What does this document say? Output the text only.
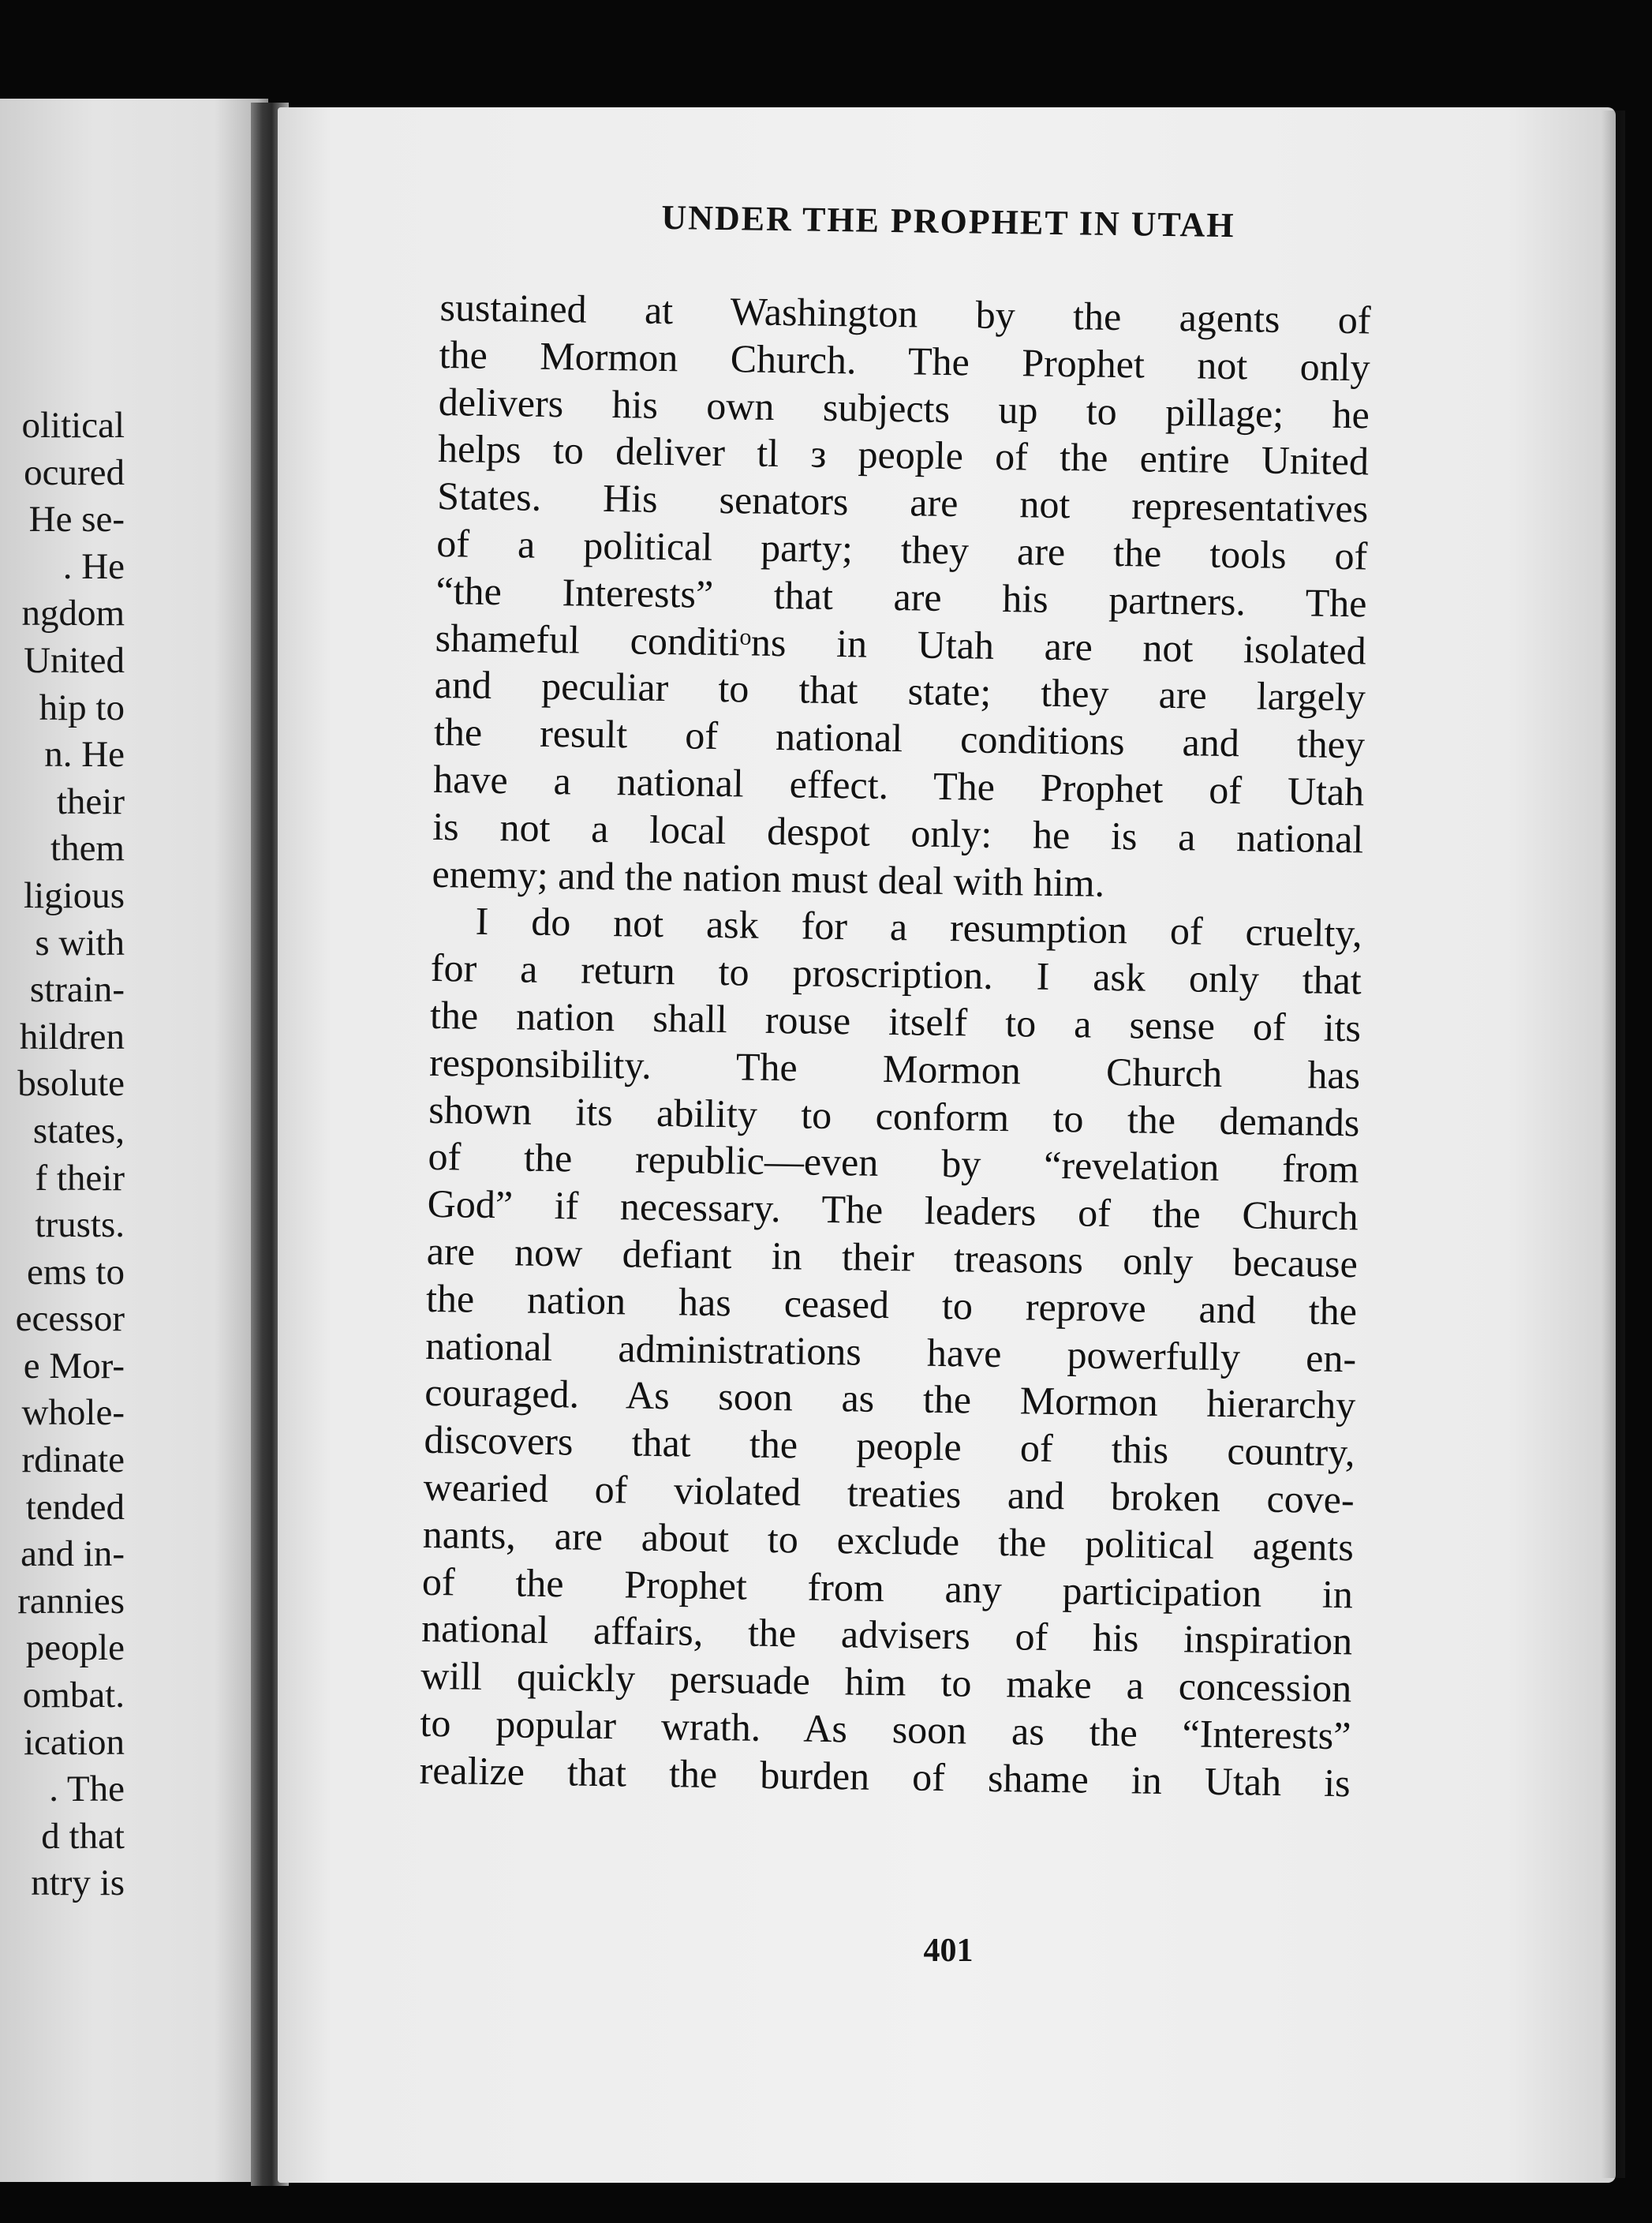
olitical
ocured
He se-
. He
ngdom
United
hip to
n. He
their
them
ligious
s with
strain-
hildren
bsolute
states,
f their
trusts.
ems to
ecessor
e Mor-
whole-
rdinate
tended
and in-
rannies
people
ombat.
ication
. The
d that
ntry is
UNDER THE PROPHET IN UTAH
sustained at Washington by the agents of
the Mormon Church. The Prophet not only
delivers his own subjects up to pillage; he
helps to deliver tl з people of the entire United
States. His senators are not representatives
of a political party; they are the tools of
“the Interests” that are his partners. The
shameful conditiᵒns in Utah are not isolated
and peculiar to that state; they are largely
the result of national conditions and they
have a national effect. The Prophet of Utah
is not a local despot only: he is a national
enemy; and the nation must deal with him.
I do not ask for a resumption of cruelty,
for a return to proscription. I ask only that
the nation shall rouse itself to a sense of its
responsibility. The Mormon Church has
shown its ability to conform to the demands
of the republic—even by “revelation from
God” if necessary. The leaders of the Church
are now defiant in their treasons only because
the nation has ceased to reprove and the
national administrations have powerfully en-
couraged. As soon as the Mormon hierarchy
discovers that the people of this country,
wearied of violated treaties and broken cove-
nants, are about to exclude the political agents
of the Prophet from any participation in
national affairs, the advisers of his inspiration
will quickly persuade him to make a concession
to popular wrath. As soon as the “Interests”
realize that the burden of shame in Utah is
401
